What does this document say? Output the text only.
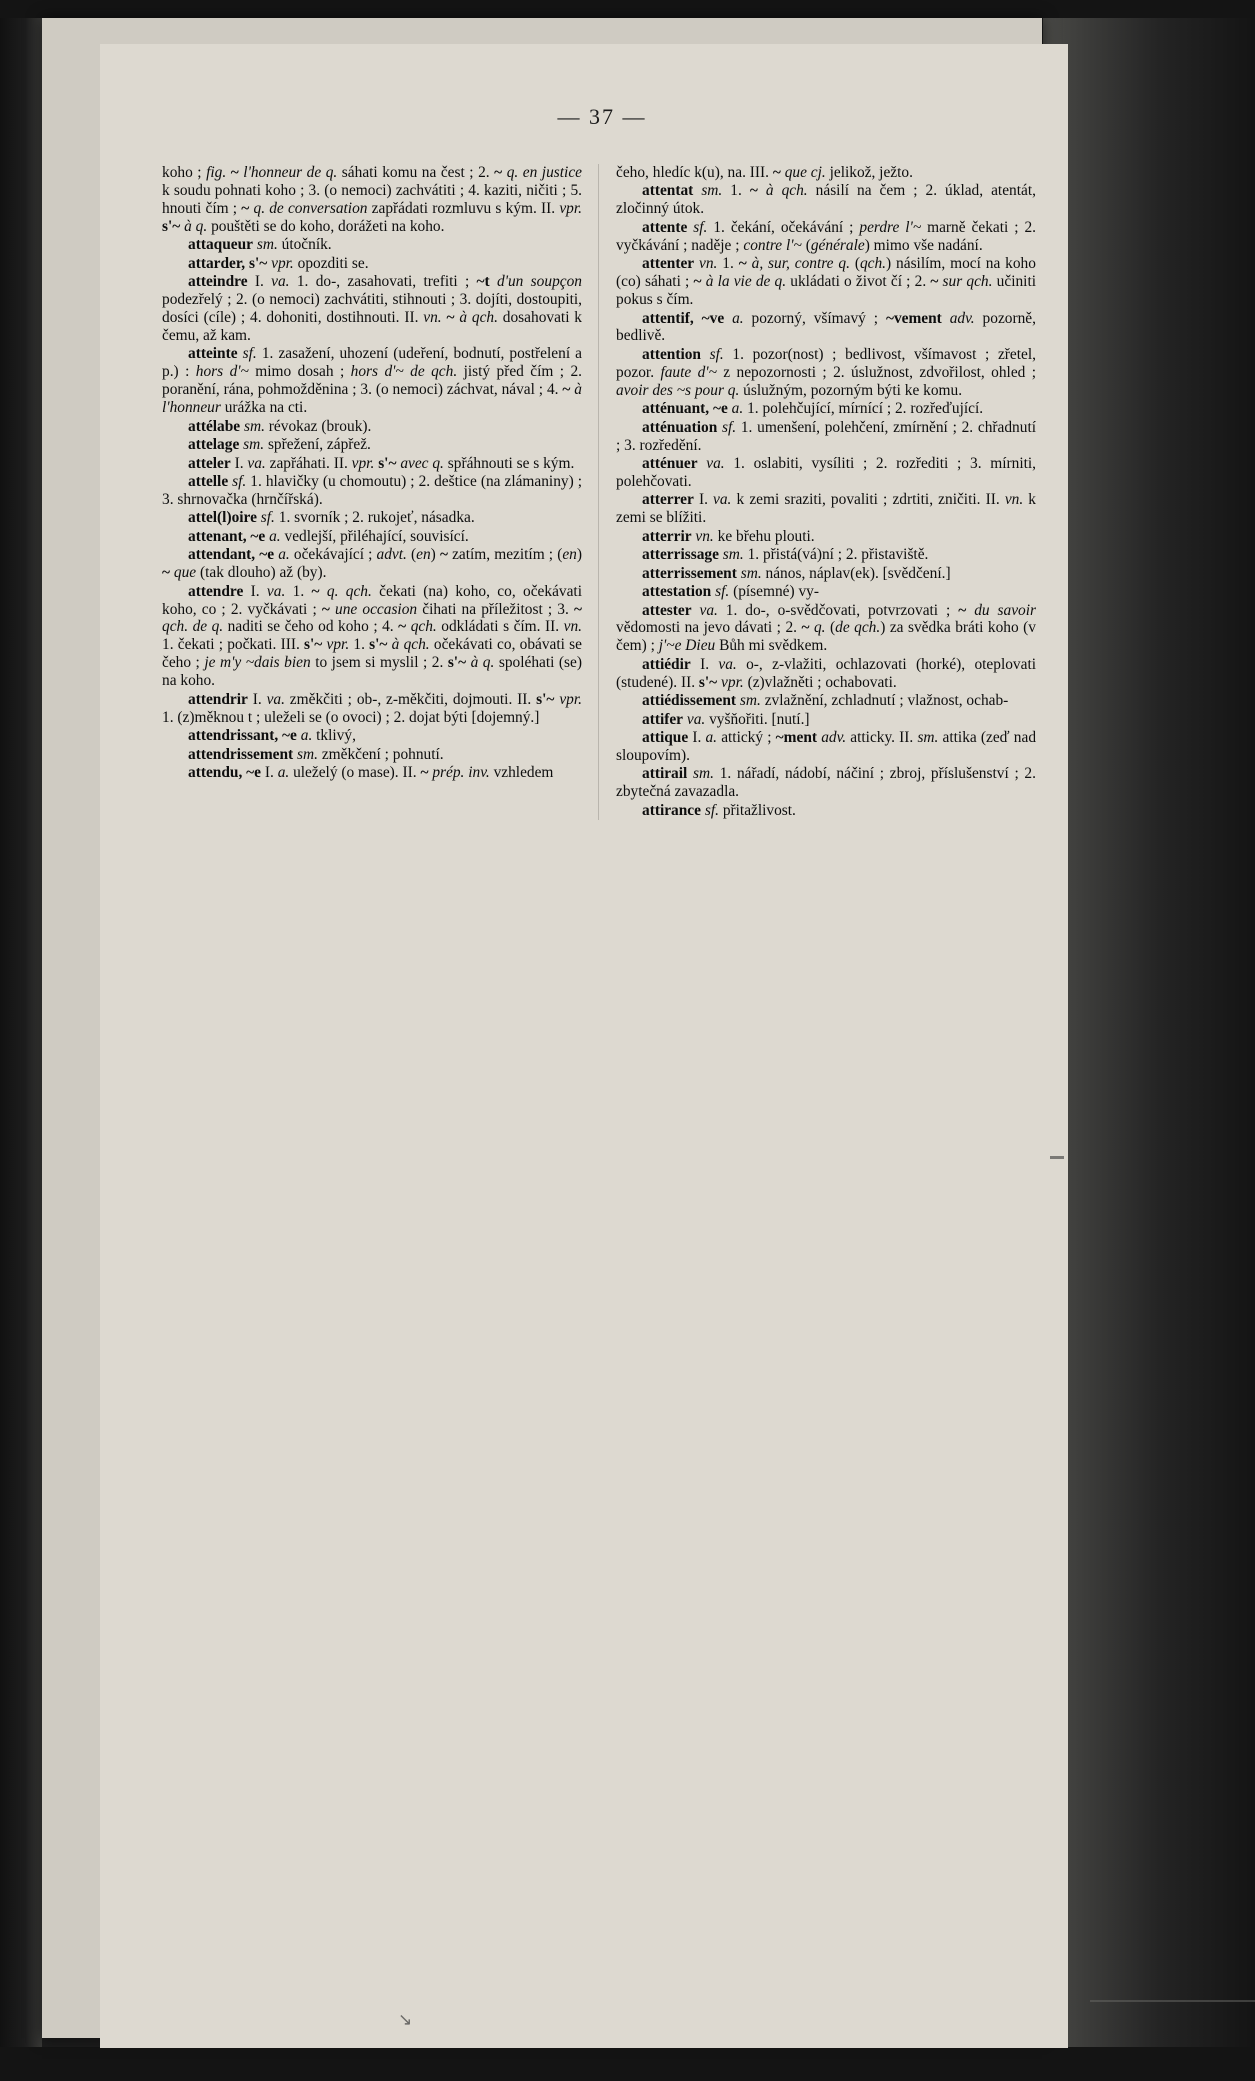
— 37 —

koho ; fig. ~ l'honneur de q. sáhati komu na čest ; 2. ~ q. en justice k soudu pohnati koho ; 3. (o nemoci) zachvátiti ; 4. kaziti, ničiti ; 5. hnouti čím ; ~ q. de conversation zapřádati rozmluvu s kým. II. vpr. s'~ à q. pouštěti se do koho, dorážeti na koho.

attaqueur sm. útočník.

attarder, s'~ vpr. opozditi se.

atteindre I. va. 1. do-, zasahovati, trefiti ; ~t d'un soupçon podezřelý ; 2. (o nemoci) zachvátiti, stihnouti ; 3. dojíti, dostoupiti, dosíci (cíle) ; 4. dohoniti, dostihnouti. II. vn. ~ à qch. dosahovati k čemu, až kam.

atteinte sf. 1. zasažení, uhození (udeření, bodnutí, postřelení a p.) : hors d'~ mimo dosah ; hors d'~ de qch. jistý před čím ; 2. poranění, rána, pohmožděnina ; 3. (o nemoci) záchvat, nával ; 4. ~ à l'honneur urážka na cti.

attélabe sm. révokaz (brouk).

attelage sm. spřežení, zápřež.

atteler I. va. zapřáhati. II. vpr. s'~ avec q. spřáhnouti se s kým.

attelle sf. 1. hlavičky (u chomoutu) ; 2. deštice (na zlámaniny) ; 3. shrnovačka (hrnčířská).

attel(l)oire sf. 1. svorník ; 2. rukojeť, násadka.

attenant, ~e a. vedlejší, přiléhající, souvisící.

attendant, ~e a. očekávající ; advt. (en) ~ zatím, mezitím ; (en) ~ que (tak dlouho) až (by).

attendre I. va. 1. ~ q. qch. čekati (na) koho, co, očekávati koho, co ; 2. vyčkávati ; ~ une occasion čihati na příležitost ; 3. ~ qch. de q. naditi se čeho od koho ; 4. ~ qch. odkládati s čím. II. vn. 1. čekati ; počkati. III. s'~ vpr. 1. s'~ à qch. očekávati co, obávati se čeho ; je m'y ~dais bien to jsem si myslil ; 2. s'~ à q. spoléhati (se) na koho.

attendrir I. va. změkčiti ; ob-, z-měkčiti, dojmouti. II. s'~ vpr. 1. (z)měknou t ; uleželi se (o ovoci) ; 2. dojat býti [dojemný.]

attendrissant, ~e a. tklivý,

attendrissement sm. změkčení ; pohnutí.

attendu, ~e I. a. uleželý (o mase). II. ~ prép. inv. vzhledem

čeho, hledíc k(u), na. III. ~ que cj. jelikož, ježto.

attentat sm. 1. ~ à qch. násilí na čem ; 2. úklad, atentát, zločinný útok.

attente sf. 1. čekání, očekávání ; perdre l'~ marně čekati ; 2. vyčkávání ; naděje ; contre l'~ (générale) mimo vše nadání.

attenter vn. 1. ~ à, sur, contre q. (qch.) násilím, mocí na koho (co) sáhati ; ~ à la vie de q. ukládati o život čí ; 2. ~ sur qch. učiniti pokus s čím.

attentif, ~ve a. pozorný, všímavý ; ~vement adv. pozorně, bedlivě.

attention sf. 1. pozor(nost) ; bedlivost, všímavost ; zřetel, pozor. faute d'~ z nepozornosti ; 2. úslužnost, zdvořilost, ohled ; avoir des ~s pour q. úslužným, pozorným býti ke komu.

atténuant, ~e a. 1. polehčující, mírnící ; 2. rozřeďující.

atténuation sf. 1. umenšení, polehčení, zmírnění ; 2. chřadnutí ; 3. rozředění.

atténuer va. 1. oslabiti, vysíliti ; 2. rozřediti ; 3. mírniti, polehčovati.

atterrer I. va. k zemi sraziti, povaliti ; zdrtiti, zničiti. II. vn. k zemi se blížiti.

atterrir vn. ke břehu plouti.

atterrissage sm. 1. přistá(vá)ní ; 2. přistaviště.

atterrissement sm. nános, náplav(ek). [svědčení.]

attestation sf. (písemné) vy-

attester va. 1. do-, o-svědčovati, potvrzovati ; ~ du savoir vědomosti na jevo dávati ; 2. ~ q. (de qch.) za svědka bráti koho (v čem) ; j'~e Dieu Bůh mi svědkem.

attiédir I. va. o-, z-vlažiti, ochlazovati (horké), oteplovati (studené). II. s'~ vpr. (z)vlažněti ; ochabovati.

attiédissement sm. zvlažnění, zchladnutí ; vlažnost, ochab-

attifer va. vyšňořiti. [nutí.]

attique I. a. attický ; ~ment adv. atticky. II. sm. attika (zeď nad sloupovím).

attirail sm. 1. nářadí, nádobí, náčiní ; zbroj, příslušenství ; 2. zbytečná zavazadla.

attirance sf. přitažlivost.

↘
